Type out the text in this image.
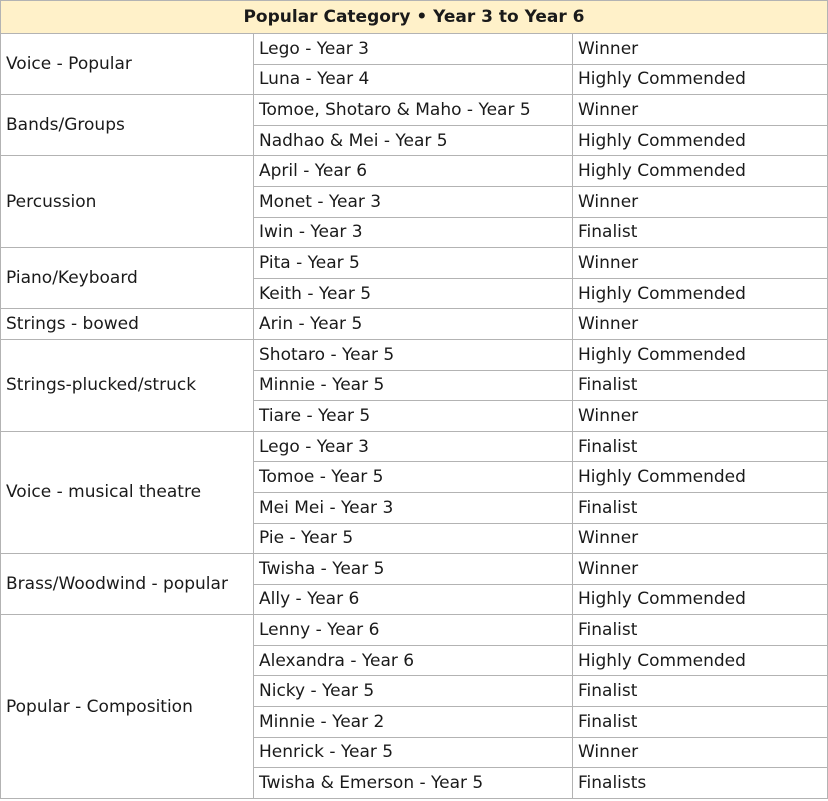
Popular Category • Year 3 to Year 6		
Voice - Popular	Lego - Year 3	Winner
	Luna - Year 4	Highly Commended
Bands/Groups	Tomoe, Shotaro & Maho - Year 5	Winner
	Nadhao & Mei - Year 5	Highly Commended
Percussion	April - Year 6	Highly Commended
	Monet - Year 3	Winner
	Iwin - Year 3	Finalist
Piano/Keyboard	Pita - Year 5	Winner
	Keith - Year 5	Highly Commended
Strings - bowed	Arin - Year 5	Winner
Strings-plucked/struck	Shotaro - Year 5	Highly Commended
	Minnie - Year 5	Finalist
	Tiare - Year 5	Winner
Voice - musical theatre	Lego - Year 3	Finalist
	Tomoe - Year 5	Highly Commended
	Mei Mei - Year 3	Finalist
	Pie - Year 5	Winner
Brass/Woodwind - popular	Twisha - Year 5	Winner
	Ally - Year 6	Highly Commended
Popular - Composition	Lenny - Year 6	Finalist
	Alexandra - Year 6	Highly Commended
	Nicky - Year 5	Finalist
	Minnie - Year 2	Finalist
	Henrick - Year 5	Winner
	Twisha & Emerson - Year 5	Finalists
